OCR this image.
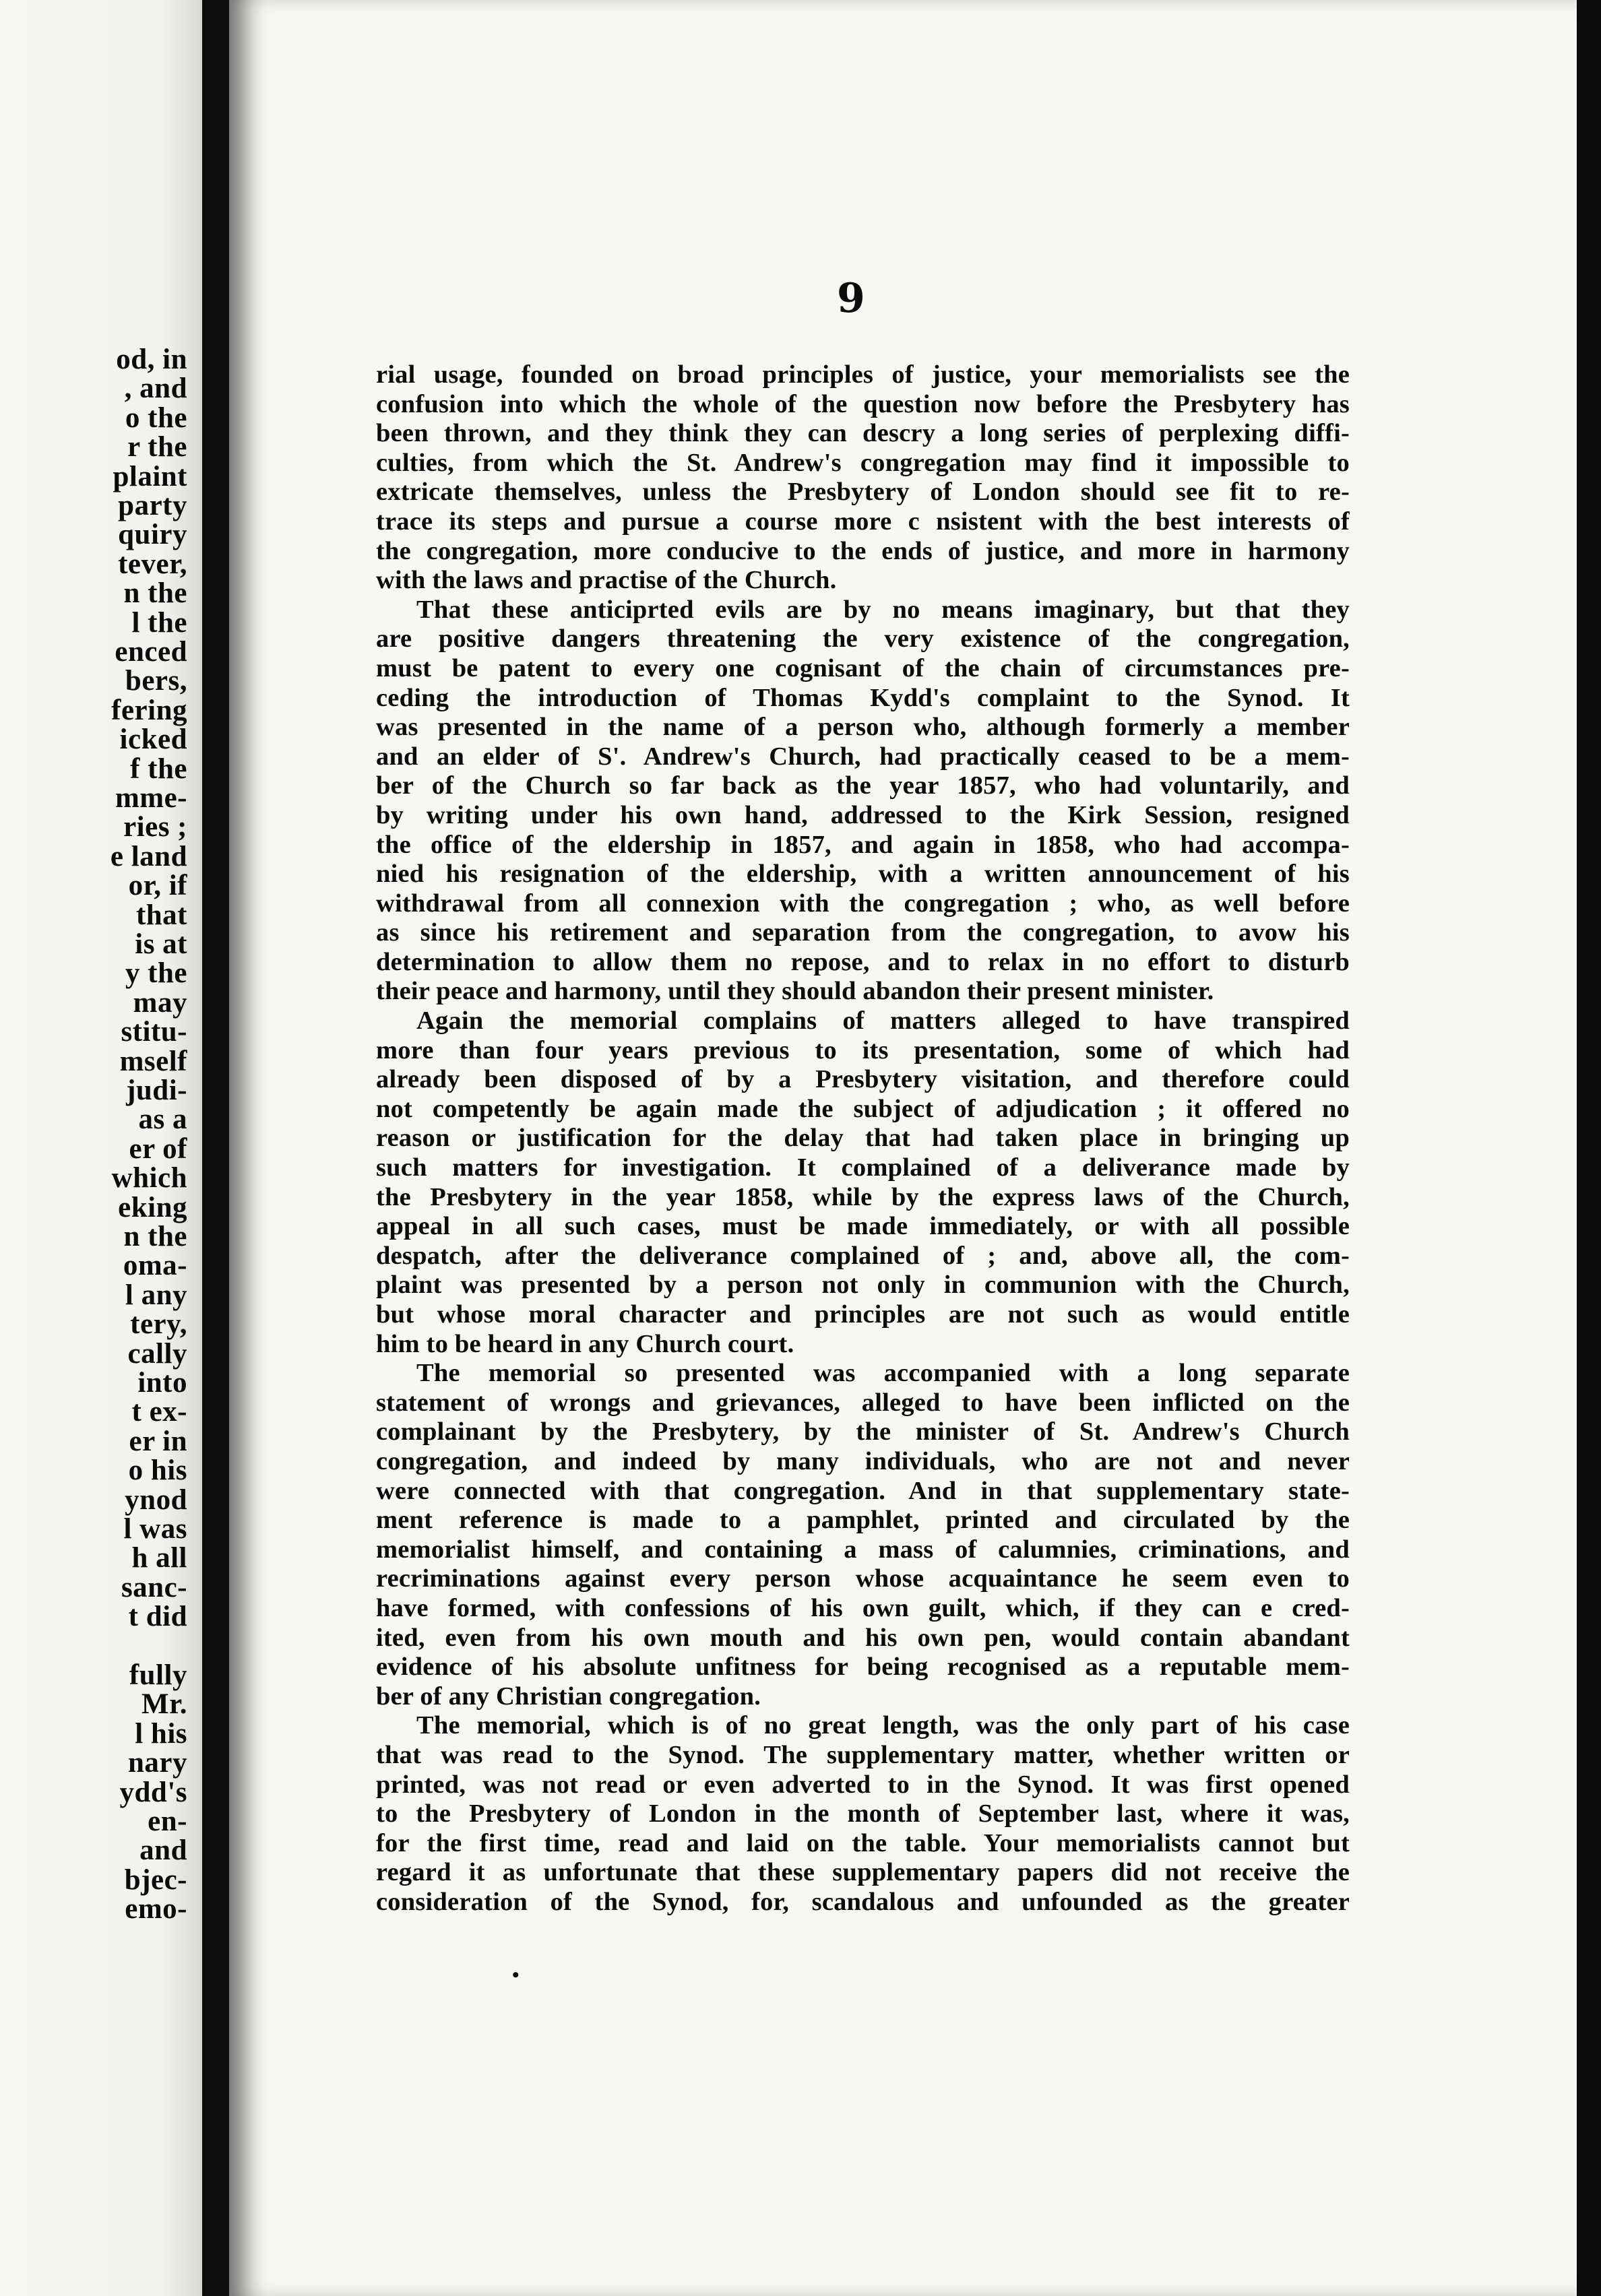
od, in
, and
o the
r the
plaint
party
quiry
tever,
n the
l the
enced
bers,
fering
icked
f the
mme-
ries ;
e land
or, if
that
is at
y the
may
stitu-
mself
judi-
as a
er of
which
eking
n the
oma-
l any
tery,
cally
into
t ex-
er in
o his
ynod
l was
h all
sanc-
t did
fully
Mr.
l his
nary
ydd's
en-
and
bjec-
emo-
9
rial usage, founded on broad principles of justice, your memorialists see the
confusion into which the whole of the question now before the Presbytery has
been thrown, and they think they can descry a long series of perplexing diffi-
culties, from which the St. Andrew's congregation may find it impossible to
extricate themselves, unless the Presbytery of London should see fit to re-
trace its steps and pursue a course more c nsistent with the best interests of
the congregation, more conducive to the ends of justice, and more in harmony
with the laws and practise of the Church.
That these anticiprted evils are by no means imaginary, but that they
are positive dangers threatening the very existence of the congregation,
must be patent to every one cognisant of the chain of circumstances pre-
ceding the introduction of Thomas Kydd's complaint to the Synod. It
was presented in the name of a person who, although formerly a member
and an elder of S'. Andrew's Church, had practically ceased to be a mem-
ber of the Church so far back as the year 1857, who had voluntarily, and
by writing under his own hand, addressed to the Kirk Session, resigned
the office of the eldership in 1857, and again in 1858, who had accompa-
nied his resignation of the eldership, with a written announcement of his
withdrawal from all connexion with the congregation ; who, as well before
as since his retirement and separation from the congregation, to avow his
determination to allow them no repose, and to relax in no effort to disturb
their peace and harmony, until they should abandon their present minister.
Again the memorial complains of matters alleged to have transpired
more than four years previous to its presentation, some of which had
already been disposed of by a Presbytery visitation, and therefore could
not competently be again made the subject of adjudication ; it offered no
reason or justification for the delay that had taken place in bringing up
such matters for investigation. It complained of a deliverance made by
the Presbytery in the year 1858, while by the express laws of the Church,
appeal in all such cases, must be made immediately, or with all possible
despatch, after the deliverance complained of ; and, above all, the com-
plaint was presented by a person not only in communion with the Church,
but whose moral character and principles are not such as would entitle
him to be heard in any Church court.
The memorial so presented was accompanied with a long separate
statement of wrongs and grievances, alleged to have been inflicted on the
complainant by the Presbytery, by the minister of St. Andrew's Church
congregation, and indeed by many individuals, who are not and never
were connected with that congregation. And in that supplementary state-
ment reference is made to a pamphlet, printed and circulated by the
memorialist himself, and containing a mass of calumnies, criminations, and
recriminations against every person whose acquaintance he seem even to
have formed, with confessions of his own guilt, which, if they can e cred-
ited, even from his own mouth and his own pen, would contain abandant
evidence of his absolute unfitness for being recognised as a reputable mem-
ber of any Christian congregation.
The memorial, which is of no great length, was the only part of his case
that was read to the Synod. The supplementary matter, whether written or
printed, was not read or even adverted to in the Synod. It was first opened
to the Presbytery of London in the month of September last, where it was,
for the first time, read and laid on the table. Your memorialists cannot but
regard it as unfortunate that these supplementary papers did not receive the
consideration of the Synod, for, scandalous and unfounded as the greater
•
